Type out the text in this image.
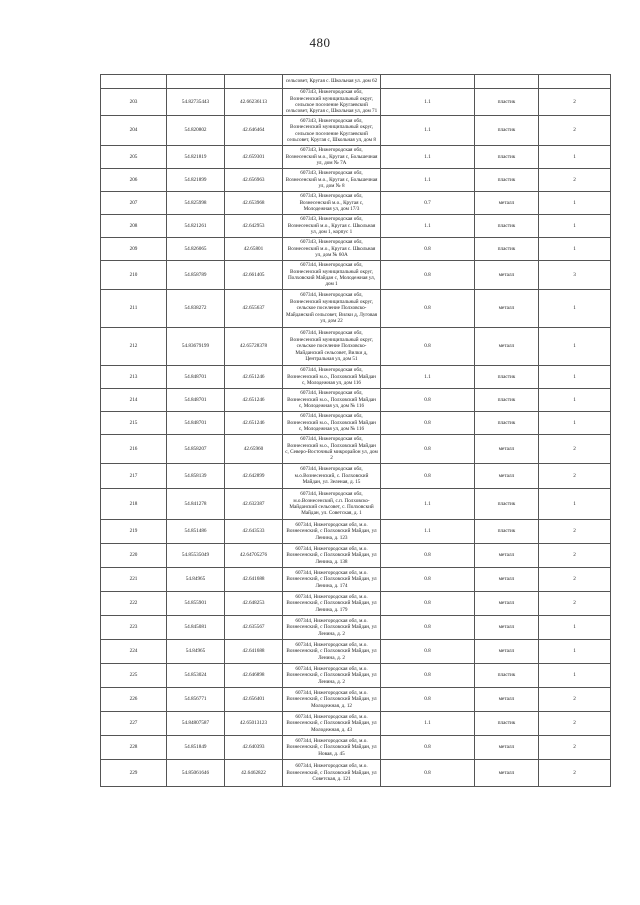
480
			сельсовет, Кругая с. Школьная ул. дом 62			
203	54.82735443	42.66236113	607343, Нижегородская обл, Вознесенский муниципальный округ, сельское поселение Кругаевский сельсовет, Кругая с, Школьная ул, дом 71	1.1	пластик	2
204	54.820802	42.646464	607343, Нижегородская обл, Вознесенский муниципальный округ, сельское поселение Кругаевский сельсовет, Кругая с, Школьная ул, дом 8	1.1	пластик	2
205	54.821819	42.659301	607343, Нижегородская обл, Вознесенский м.о., Кругая с, Большечная ул, дом № 7А	1.1	пластик	1
206	54.821899	42.656963	607343, Нижегородская обл, Вознесенский м.о., Кругая с, Большечная ул, дом № 8	1.1	пластик	2
207	54.825998	42.653968	607343, Нижегородская обл, Вознесенский м.о., Кругая с, Молодежная ул, дом 17/3	0.7	металл	1
208	54.821261	42.642953	607343, Нижегородская обл, Вознесенский м.о., Кругая с. Школьная ул, дом 1, корпус 1	1.1	пластик	1
209	54.826065	42.65801	607343, Нижегородская обл, Вознесенский м.о., Кругая с. Школьная ул, дом № 60А	0.8	пластик	1
210	54.858789	42.661405	607344, Нижегородская обл, Вознесенский муниципальный округ, Полховский Майдан с, Молодежная ул, дом 1	0.8	металл	3
211	54.838272	42.655637	607344, Нижегородская обл, Вознесенский муниципальный округ, сельское поселение Полховско-Майданский сельсовет, Вилки д, Луговая ул, дом 22	0.8	металл	1
212	54.83679199	42.65728378	607344, Нижегородская обл, Вознесенский муниципальный округ, сельское поселение Полховско-Майданский сельсовет, Вилки д, Центральная ул, дом 51	0.8	металл	1
213	54.848701	42.651246	607344, Нижегородская обл, Вознесенский м.о., Полховский Майдан с, Молодежная ул, дом 116	1.1	пластик	1
214	54.848701	42.651246	607344, Нижегородская обл, Вознесенский м.о., Полховский Майдан с, Молодежная ул, дом № 116	0.8	пластик	1
215	54.848701	42.651246	607344, Нижегородская обл, Вознесенский м.о., Полховский Майдан с, Молодежная ул, дом № 116	0.8	пластик	1
216	54.858207	42.65960	607344, Нижегородская обл, Вознесенский м.о., Полховский Майдан с, Северо-Восточный микрорайон ул, дом 2	0.8	металл	2
217	54.858139	42.642899	607344, Нижегородская обл, м.о.Вознесенский, с. Полховский Майдан, ул. Зеленая, д. 15	0.8	металл	2
218	54.841278	42.632387	607344, Нижегородская обл, м.о.Вознесенский, с.п. Полховско-Майданский сельсовет, с. Полховский Майдан, ул. Советская, д. 1	1.1	пластик	1
219	54.851486	42.643533	607344, Нижегородская обл, м.о. Вознесенский, с Полховский Майдан, ул Ленина, д. 123	1.1	пластик	2
220	54.85535049	42.64705276	607344, Нижегородская обл, м.о. Вознесенский, с Полховский Майдан, ул Ленина, д. 138	0.8	металл	2
221	54.84965	42.641688	607344, Нижегородская обл, м.о. Вознесенский, с Полховский Майдан, ул Ленина, д. 174	0.8	металл	2
222	54.855901	42.648253	607344, Нижегородская обл, м.о. Вознесенский, с Полховский Майдан, ул Ленина, д. 179	0.8	металл	2
223	54.845081	42.635567	607344, Нижегородская обл, м.о. Вознесенский, с Полховский Майдан, ул Ленина, д. 2	0.8	металл	1
224	54.84965	42.641688	607344, Нижегородская обл, м.о. Вознесенский, с Полховский Майдан, ул Ленина, д. 2	0.8	металл	1
225	54.853024	42.646898	607344, Нижегородская обл, м.о. Вознесенский, с Полховский Майдан, ул Ленина, д. 2	0.8	пластик	1
226	54.856771	42.656401	607344, Нижегородская обл, м.о. Вознесенский, с Полховский Майдан, ул Молодежная, д. 12	0.8	металл	2
227	54.84807587	42.65013123	607344, Нижегородская обл, м.о. Вознесенский, с Полховский Майдан, ул Молодежная, д. 43	1.1	пластик	2
228	54.851849	42.640393	607344, Нижегородская обл, м.о. Вознесенский, с Полховский Майдан, ул Новая, д. 45	0.8	металл	2
229	54.85061646	42.6462822	607344, Нижегородская обл, м.о. Вознесенский, с Полховский Майдан, ул Советская, д. 121	0.8	металл	2
